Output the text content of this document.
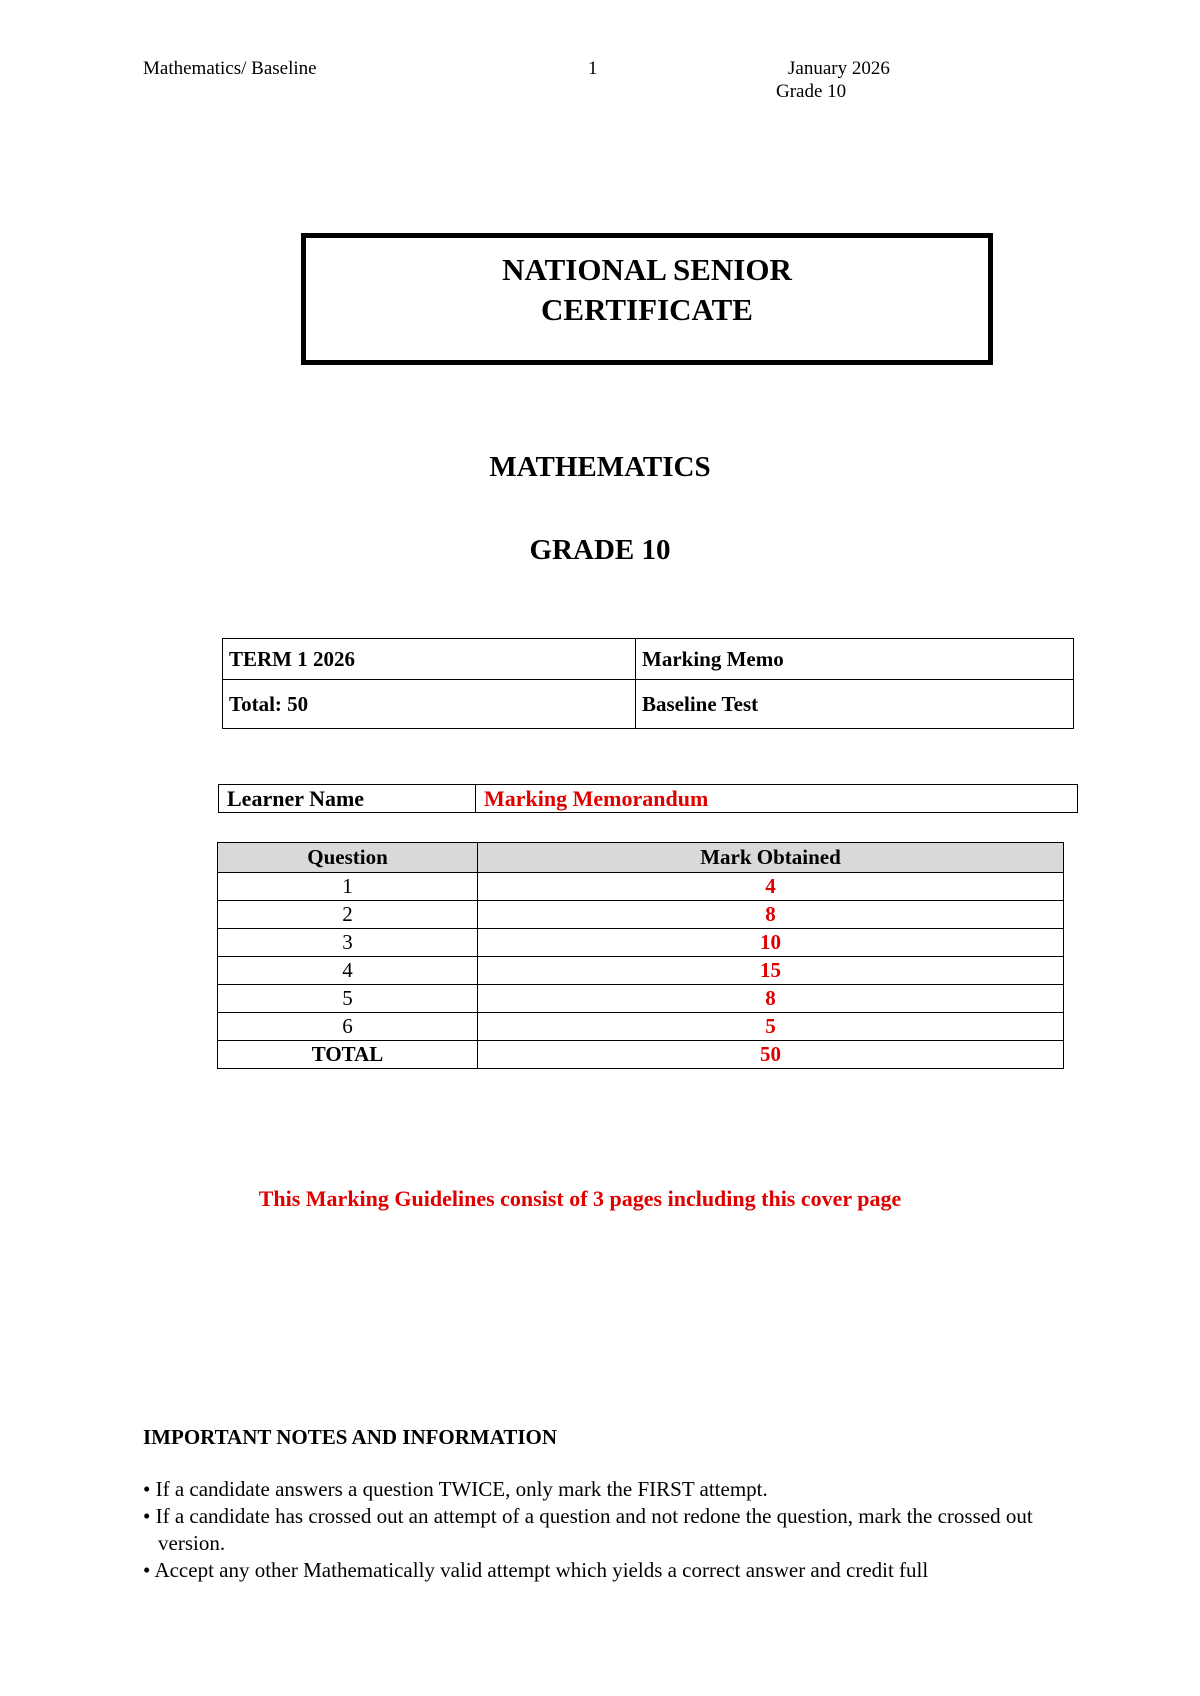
Mathematics/ Baseline	1	January 2026
Grade 10
NATIONAL SENIOR
CERTIFICATE
MATHEMATICS
GRADE 10
TERM 1 2026	Marking Memo
Total: 50	Baseline Test
Learner Name	Marking Memorandum
Question	Mark Obtained
1	4
2	8
3	10
4	15
5	8
6	5
TOTAL	50
This Marking Guidelines consist of 3 pages including this cover page
IMPORTANT NOTES AND INFORMATION

• If a candidate answers a question TWICE, only mark the FIRST attempt.

• If a candidate has crossed out an attempt of a question and not redone the question, mark the crossed out version.

• Accept any other Mathematically valid attempt which yields a correct answer and credit full
